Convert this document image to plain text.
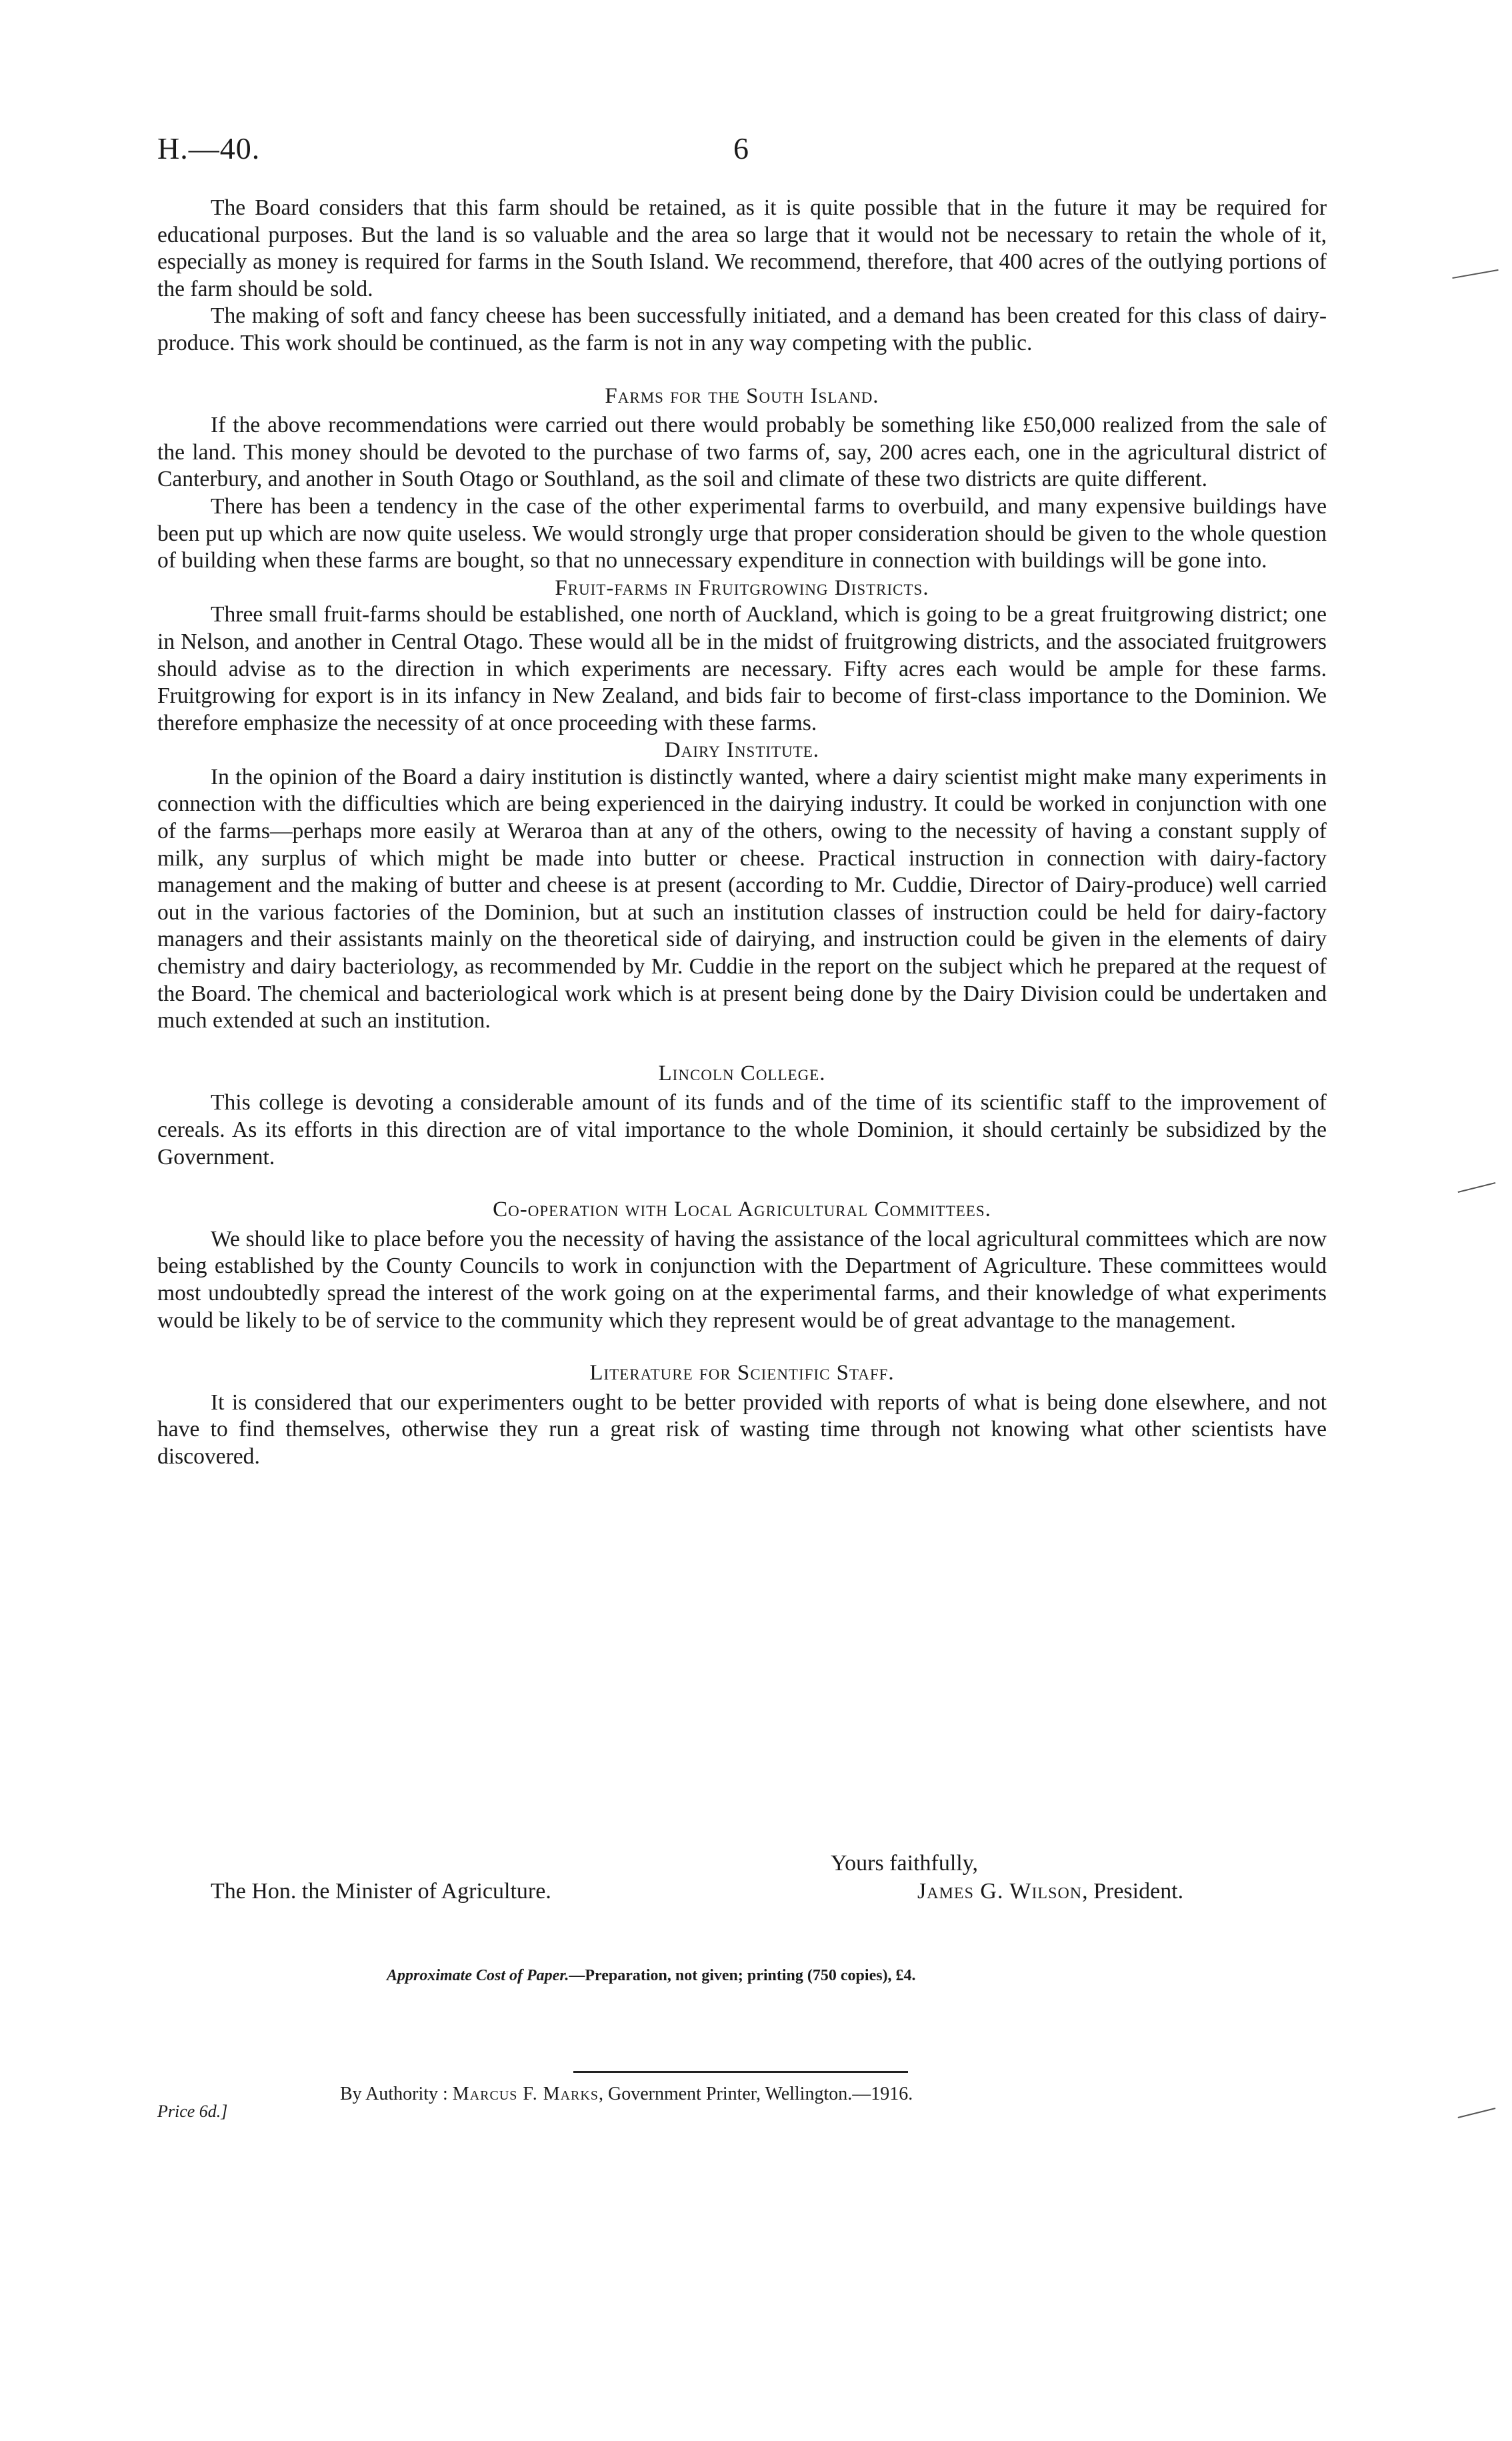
H.—40.	6

The Board considers that this farm should be retained, as it is quite possible that in the future it may be required for educational purposes. But the land is so valuable and the area so large that it would not be necessary to retain the whole of it, especially as money is required for farms in the South Island. We recommend, therefore, that 400 acres of the outlying portions of the farm should be sold.

The making of soft and fancy cheese has been successfully initiated, and a demand has been created for this class of dairy-produce. This work should be continued, as the farm is not in any way competing with the public.

Farms for the South Island.

If the above recommendations were carried out there would probably be something like £50,000 realized from the sale of the land. This money should be devoted to the purchase of two farms of, say, 200 acres each, one in the agricultural district of Canterbury, and another in South Otago or Southland, as the soil and climate of these two districts are quite different.

There has been a tendency in the case of the other experimental farms to overbuild, and many expensive buildings have been put up which are now quite useless. We would strongly urge that proper consideration should be given to the whole question of building when these farms are bought, so that no unnecessary expenditure in connection with buildings will be gone into.

Fruit-farms in Fruitgrowing Districts.

Three small fruit-farms should be established, one north of Auckland, which is going to be a great fruitgrowing district; one in Nelson, and another in Central Otago. These would all be in the midst of fruitgrowing districts, and the associated fruitgrowers should advise as to the direction in which experiments are necessary. Fifty acres each would be ample for these farms. Fruitgrowing for export is in its infancy in New Zealand, and bids fair to become of first-class importance to the Dominion. We therefore emphasize the necessity of at once proceeding with these farms.

Dairy Institute.

In the opinion of the Board a dairy institution is distinctly wanted, where a dairy scientist might make many experiments in connection with the difficulties which are being experienced in the dairying industry. It could be worked in conjunction with one of the farms—perhaps more easily at Weraroa than at any of the others, owing to the necessity of having a constant supply of milk, any surplus of which might be made into butter or cheese. Practical instruction in connection with dairy-factory management and the making of butter and cheese is at present (according to Mr. Cuddie, Director of Dairy-produce) well carried out in the various factories of the Dominion, but at such an institution classes of instruction could be held for dairy-factory managers and their assistants mainly on the theoretical side of dairying, and instruction could be given in the elements of dairy chemistry and dairy bacteriology, as recommended by Mr. Cuddie in the report on the subject which he prepared at the request of the Board. The chemical and bacteriological work which is at present being done by the Dairy Division could be undertaken and much extended at such an institution.

Lincoln College.

This college is devoting a considerable amount of its funds and of the time of its scientific staff to the improvement of cereals. As its efforts in this direction are of vital importance to the whole Dominion, it should certainly be subsidized by the Government.

Co-operation with Local Agricultural Committees.

We should like to place before you the necessity of having the assistance of the local agricultural committees which are now being established by the County Councils to work in conjunction with the Department of Agriculture. These committees would most undoubtedly spread the interest of the work going on at the experimental farms, and their knowledge of what experiments would be likely to be of service to the community which they represent would be of great advantage to the management.

Literature for Scientific Staff.

It is considered that our experimenters ought to be better provided with reports of what is being done elsewhere, and not have to find themselves, otherwise they run a great risk of wasting time through not knowing what other scientists have discovered.

Yours faithfully,
The Hon. the Minister of Agriculture.	James G. Wilson, President.
Approximate Cost of Paper.—Preparation, not given; printing (750 copies), £4.
By Authority : Marcus F. Marks, Government Printer, Wellington.—1916.
Price 6d.]
